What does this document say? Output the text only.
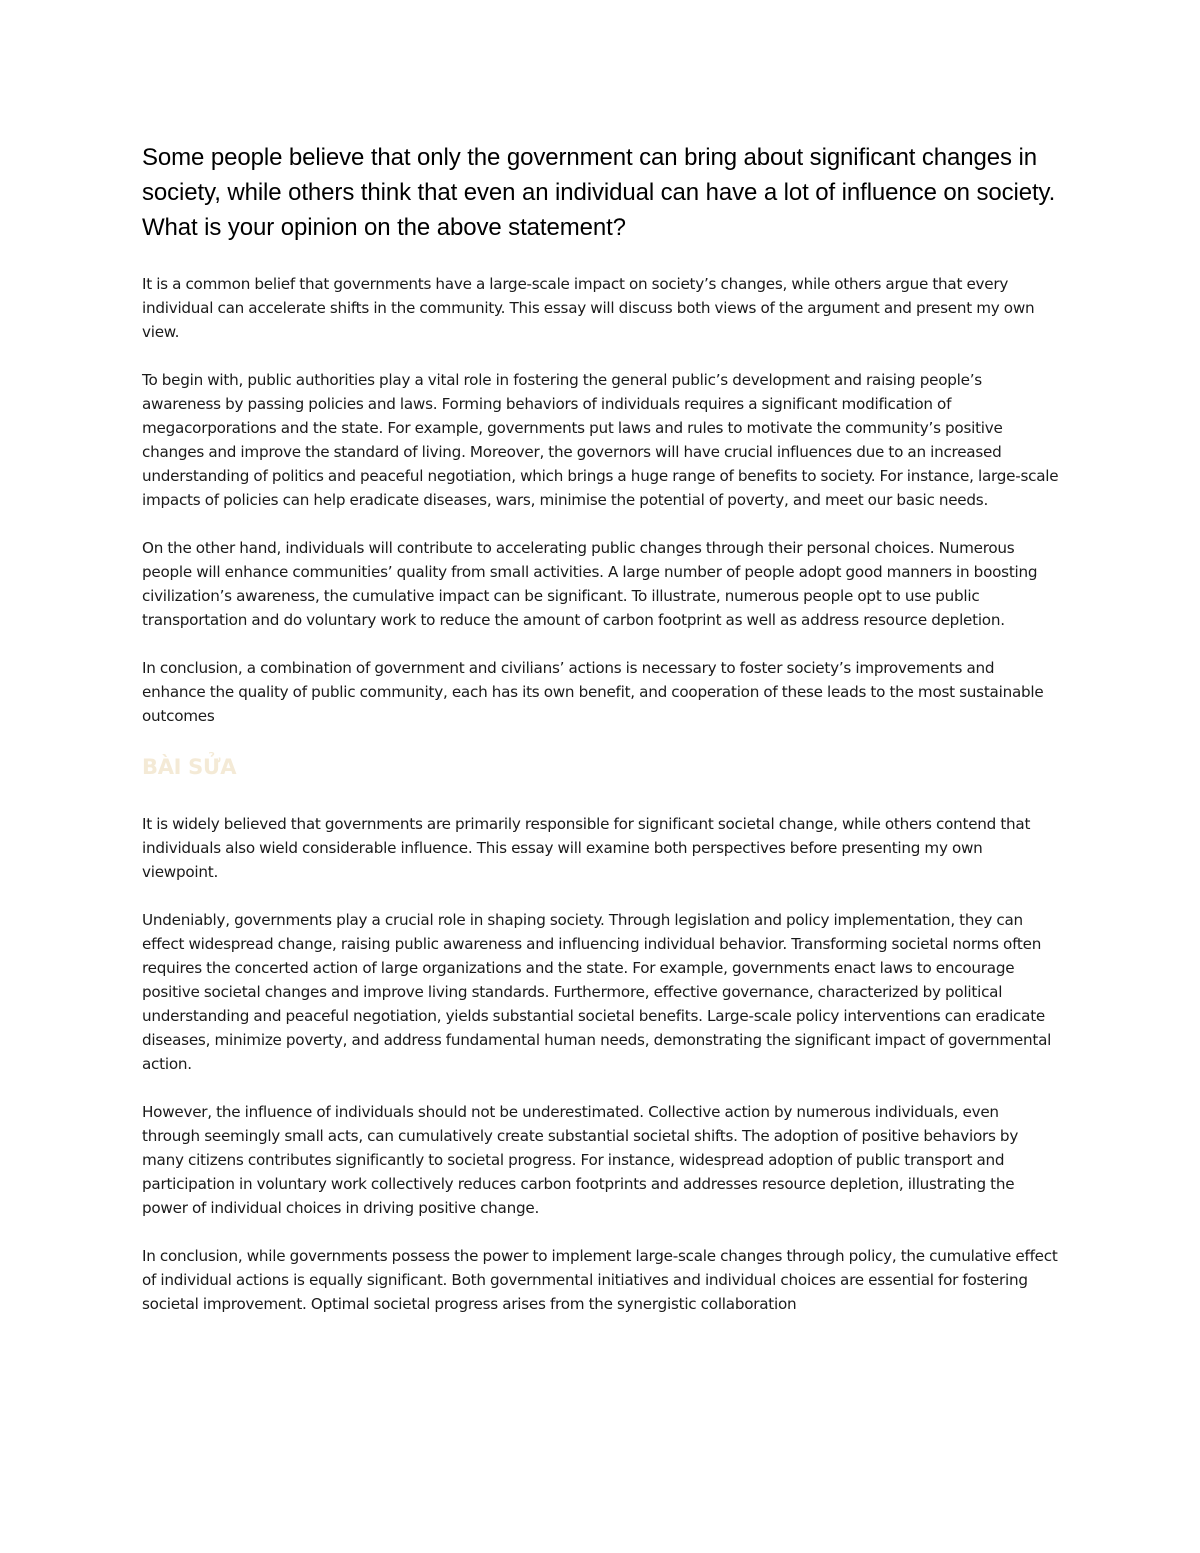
Some people believe that only the government can bring about significant changes in society, while others think that even an individual can have a lot of influence on society. What is your opinion on the above statement?

It is a common belief that governments have a large-scale impact on society’s changes, while others argue that every individual can accelerate shifts in the community. This essay will discuss both views of the argument and present my own view.

To begin with, public authorities play a vital role in fostering the general public’s development and raising people’s awareness by passing policies and laws. Forming behaviors of individuals requires a significant modification of megacorporations and the state. For example, governments put laws and rules to motivate the community’s positive changes and improve the standard of living. Moreover, the governors will have crucial influences due to an increased understanding of politics and peaceful negotiation, which brings a huge range of benefits to society. For instance, large-scale impacts of policies can help eradicate diseases, wars, minimise the potential of poverty, and meet our basic needs.

On the other hand, individuals will contribute to accelerating public changes through their personal choices. Numerous people will enhance communities’ quality from small activities. A large number of people adopt good manners in boosting civilization’s awareness, the cumulative impact can be significant. To illustrate, numerous people opt to use public transportation and do voluntary work to reduce the amount of carbon footprint as well as address resource depletion.

In conclusion, a combination of government and civilians’ actions is necessary to foster society’s improvements and enhance the quality of public community, each has its own benefit, and cooperation of these leads to the most sustainable outcomes

BÀI SỬA

It is widely believed that governments are primarily responsible for significant societal change, while others contend that individuals also wield considerable influence. This essay will examine both perspectives before presenting my own viewpoint.

Undeniably, governments play a crucial role in shaping society. Through legislation and policy implementation, they can effect widespread change, raising public awareness and influencing individual behavior. Transforming societal norms often requires the concerted action of large organizations and the state. For example, governments enact laws to encourage positive societal changes and improve living standards. Furthermore, effective governance, characterized by political understanding and peaceful negotiation, yields substantial societal benefits. Large-scale policy interventions can eradicate diseases, minimize poverty, and address fundamental human needs, demonstrating the significant impact of governmental action.

However, the influence of individuals should not be underestimated. Collective action by numerous individuals, even through seemingly small acts, can cumulatively create substantial societal shifts. The adoption of positive behaviors by many citizens contributes significantly to societal progress. For instance, widespread adoption of public transport and participation in voluntary work collectively reduces carbon footprints and addresses resource depletion, illustrating the power of individual choices in driving positive change.

In conclusion, while governments possess the power to implement large-scale changes through policy, the cumulative effect of individual actions is equally significant. Both governmental initiatives and individual choices are essential for fostering societal improvement. Optimal societal progress arises from the synergistic collaboration
